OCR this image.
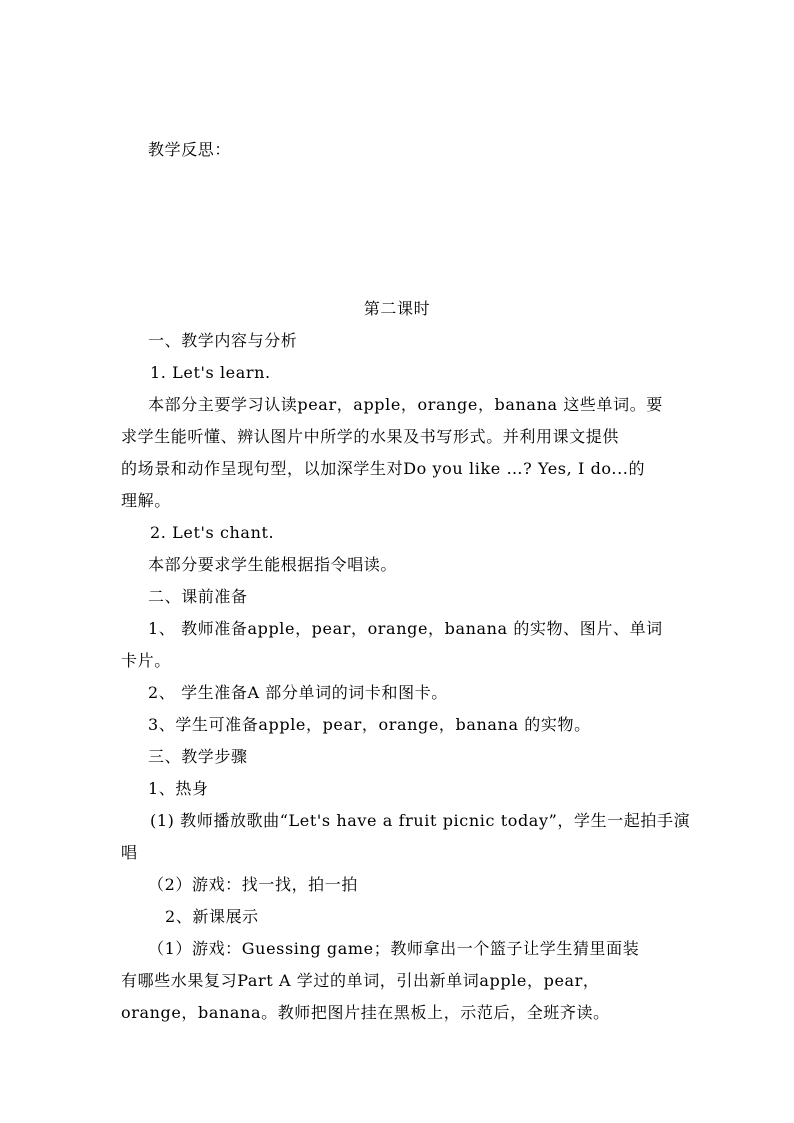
教学反思：
第二课时
一、教学内容与分析
1. Let's learn.
本部分主要学习认读pear，apple，orange，banana 这些单词。要
求学生能听懂、辨认图片中所学的水果及书写形式。并利用课文提供
的场景和动作呈现句型，以加深学生对Do you like …? Yes, I do...的
理解。
2. Let's chant.
本部分要求学生能根据指令唱读。
二、课前准备
1、 教师准备apple，pear，orange，banana 的实物、图片、单词
卡片。
2、 学生准备A 部分单词的词卡和图卡。
3、学生可准备apple，pear，orange，banana 的实物。
三、教学步骤
1、热身
(1) 教师播放歌曲“Let's have a fruit picnic today”，学生一起拍手演
唱
（2）游戏：找一找，拍一拍
2、新课展示
（1）游戏：Guessing game；教师拿出一个篮子让学生猜里面装
有哪些水果复习Part A 学过的单词，引出新单词apple，pear，
orange，banana。教师把图片挂在黑板上，示范后，全班齐读。
